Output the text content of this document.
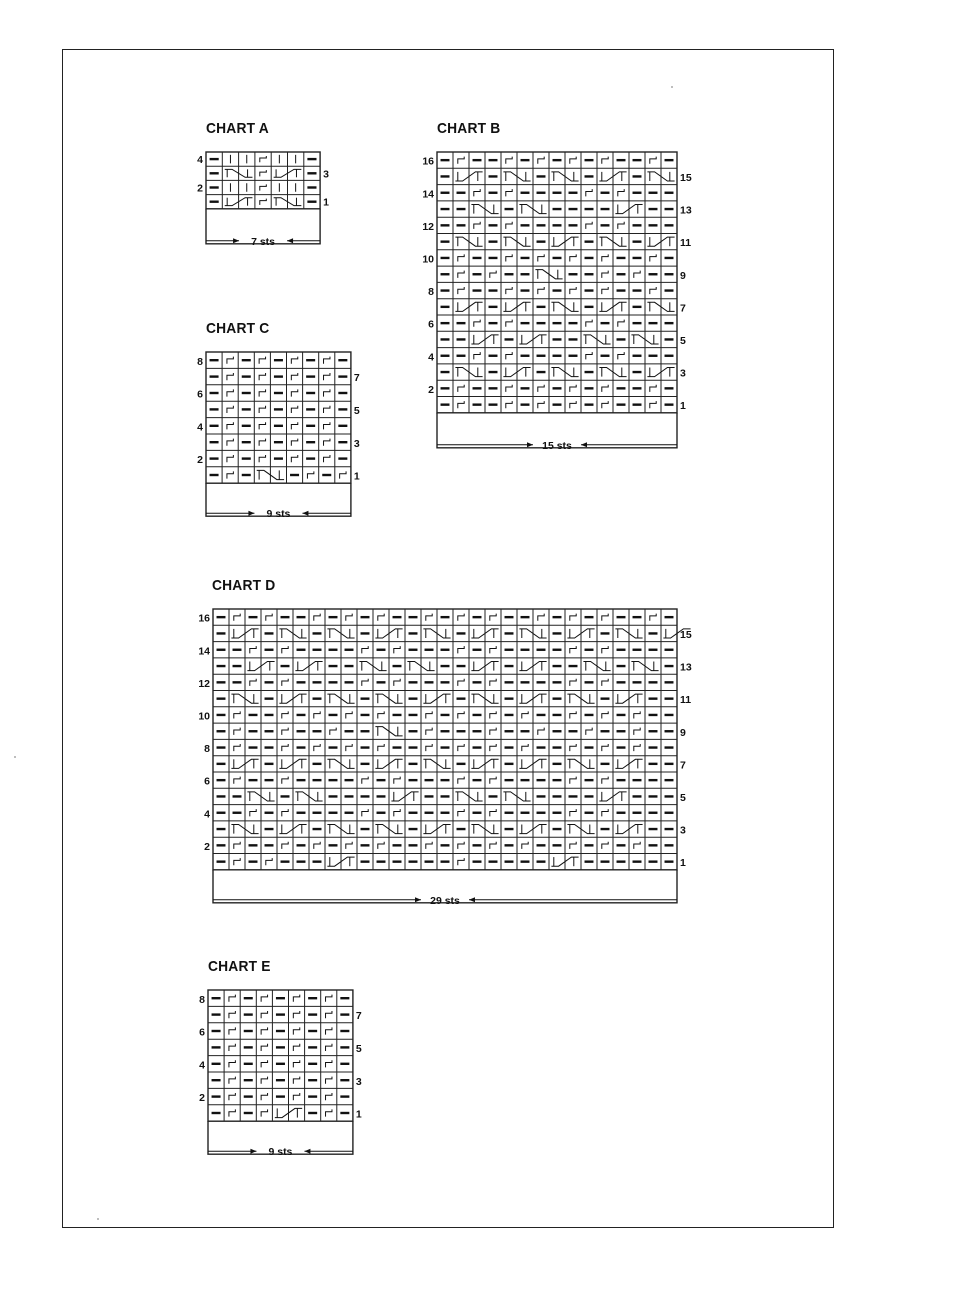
CHART A
4
2
3
1
7 sts
CHART B
16
14
12
10
8
6
4
2
15
13
11
9
7
5
3
1
15 sts
CHART C
8
6
4
2
7
5
3
1
9 sts
CHART D
16
14
12
10
8
6
4
2
15
13
11
9
7
5
3
1
29 sts
CHART E
8
6
4
2
7
5
3
1
9 sts
